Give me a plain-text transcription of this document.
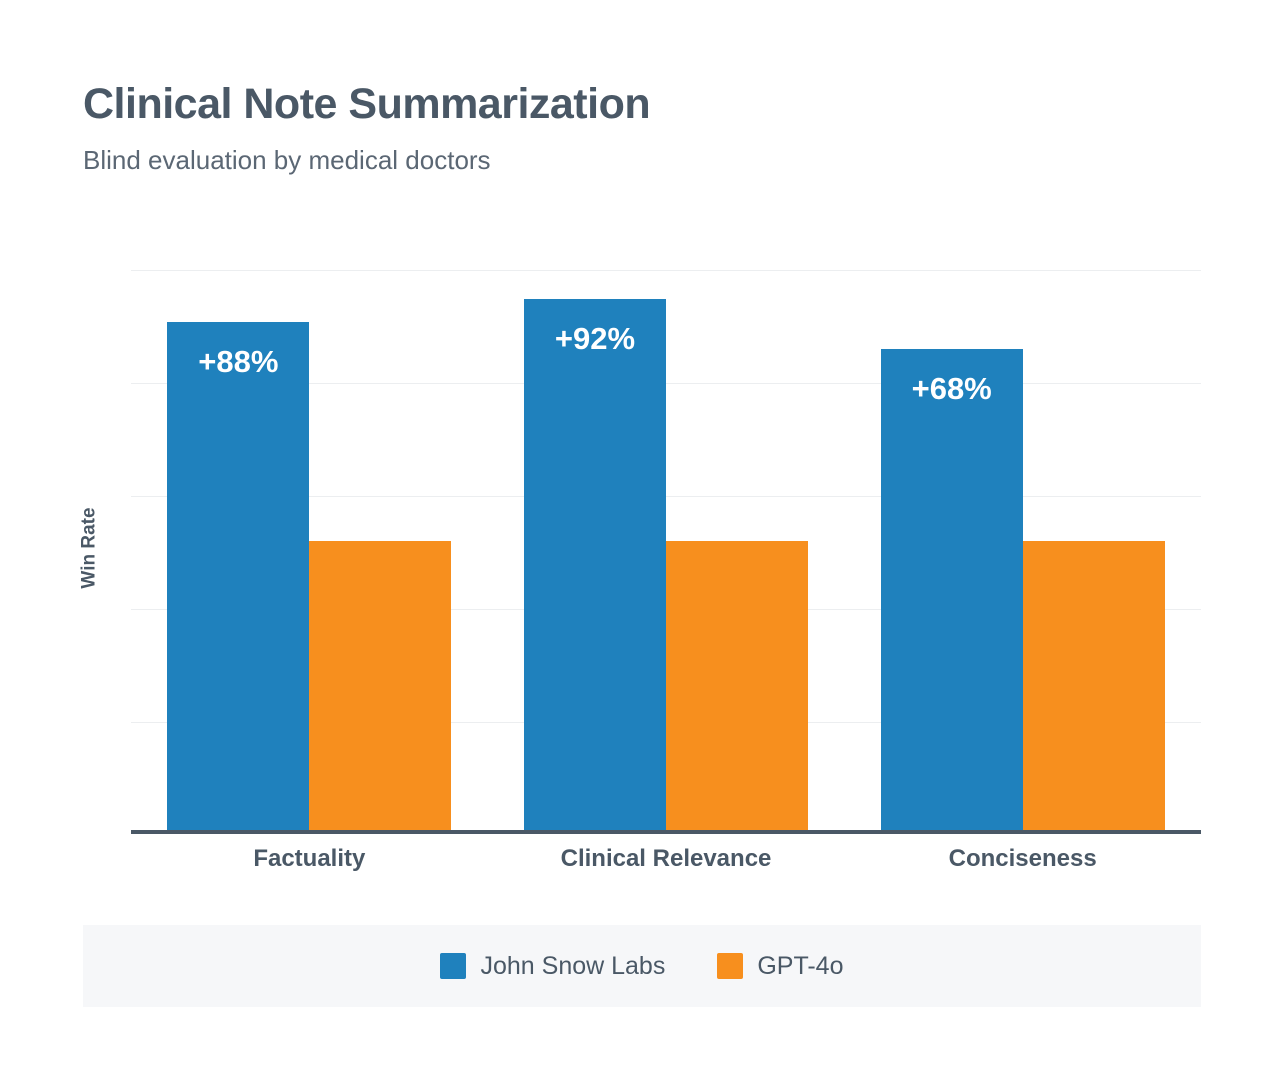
Clinical Note Summarization

Blind evaluation by medical doctors

Win Rate
+88%
+92%
+68%
Factuality	Clinical Relevance	Conciseness
John Snow Labs	GPT-4o
